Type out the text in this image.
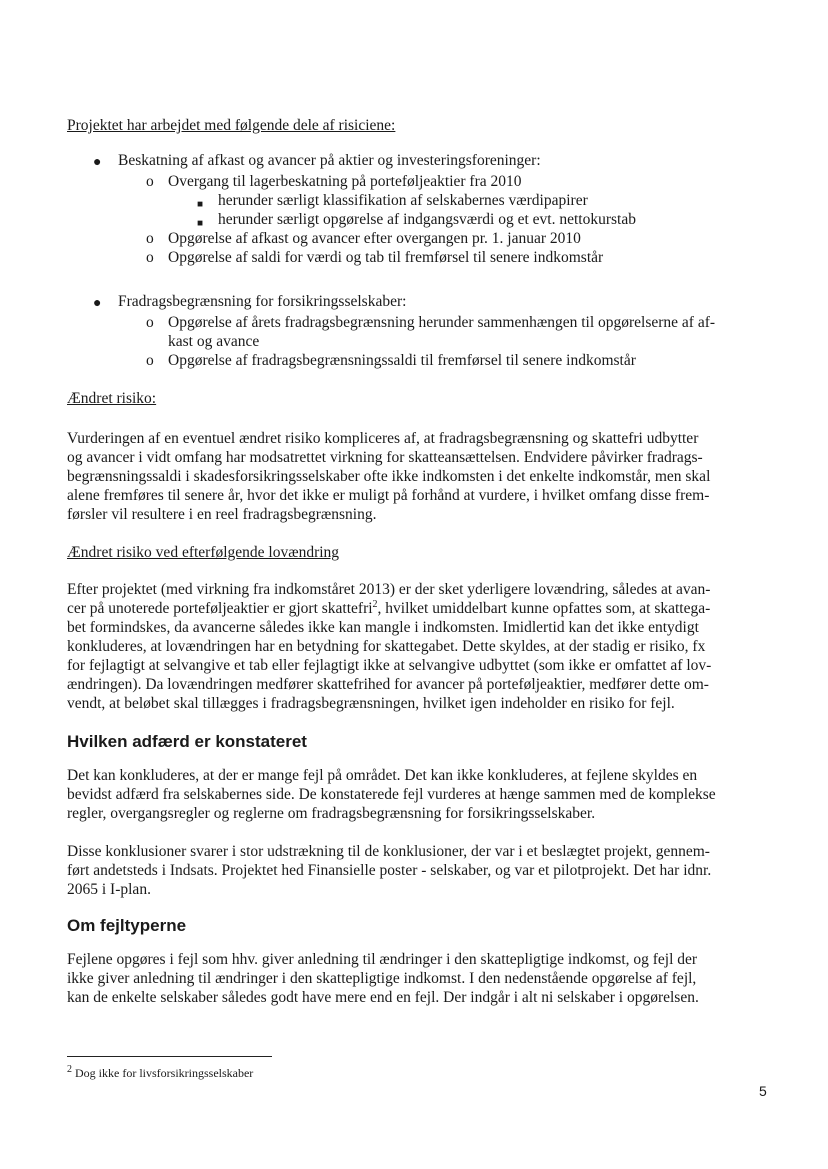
Projektet har arbejdet med følgende dele af risiciene:
● Beskatning af afkast og avancer på aktier og investeringsforeninger:
o Overgang til lagerbeskatning på porteføljeaktier fra 2010
■ herunder særligt klassifikation af selskabernes værdipapirer
■ herunder særligt opgørelse af indgangsværdi og et evt. nettokurstab
o Opgørelse af afkast og avancer efter overgangen pr. 1. januar 2010
o Opgørelse af saldi for værdi og tab til fremførsel til senere indkomstår
● Fradragsbegrænsning for forsikringsselskaber:
o Opgørelse af årets fradragsbegrænsning herunder sammenhængen til opgørelserne af af-
kast og avance
o Opgørelse af fradragsbegrænsningssaldi til fremførsel til senere indkomstår
Ændret risiko:
Vurderingen af en eventuel ændret risiko kompliceres af, at fradragsbegrænsning og skattefri udbytter
og avancer i vidt omfang har modsatrettet virkning for skatteansættelsen. Endvidere påvirker fradrags-
begrænsningssaldi i skadesforsikringsselskaber ofte ikke indkomsten i det enkelte indkomstår, men skal
alene fremføres til senere år, hvor det ikke er muligt på forhånd at vurdere, i hvilket omfang disse frem-
førsler vil resultere i en reel fradragsbegrænsning.
Ændret risiko ved efterfølgende lovændring
Efter projektet (med virkning fra indkomståret 2013) er der sket yderligere lovændring, således at avan-
cer på unoterede porteføljeaktier er gjort skattefri$^2$, hvilket umiddelbart kunne opfattes som, at skattega-
bet formindskes, da avancerne således ikke kan mangle i indkomsten. Imidlertid kan det ikke entydigt
konkluderes, at lovændringen har en betydning for skattegabet. Dette skyldes, at der stadig er risiko, fx
for fejlagtigt at selvangive et tab eller fejlagtigt ikke at selvangive udbyttet (som ikke er omfattet af lov-
ændringen). Da lovændringen medfører skattefrihed for avancer på porteføljeaktier, medfører dette om-
vendt, at beløbet skal tillægges i fradragsbegrænsningen, hvilket igen indeholder en risiko for fejl.
Hvilken adfærd er konstateret
Det kan konkluderes, at der er mange fejl på området. Det kan ikke konkluderes, at fejlene skyldes en
bevidst adfærd fra selskabernes side. De konstaterede fejl vurderes at hænge sammen med de komplekse
regler, overgangsregler og reglerne om fradragsbegrænsning for forsikringsselskaber.
Disse konklusioner svarer i stor udstrækning til de konklusioner, der var i et beslægtet projekt, gennem-
ført andetsteds i Indsats. Projektet hed Finansielle poster - selskaber, og var et pilotprojekt. Det har idnr.
2065 i I-plan.
Om fejltyperne
Fejlene opgøres i fejl som hhv. giver anledning til ændringer i den skattepligtige indkomst, og fejl der
ikke giver anledning til ændringer i den skattepligtige indkomst. I den nedenstående opgørelse af fejl,
kan de enkelte selskaber således godt have mere end en fejl. Der indgår i alt ni selskaber i opgørelsen.
$^2$ Dog ikke for livsforsikringsselskaber
5
